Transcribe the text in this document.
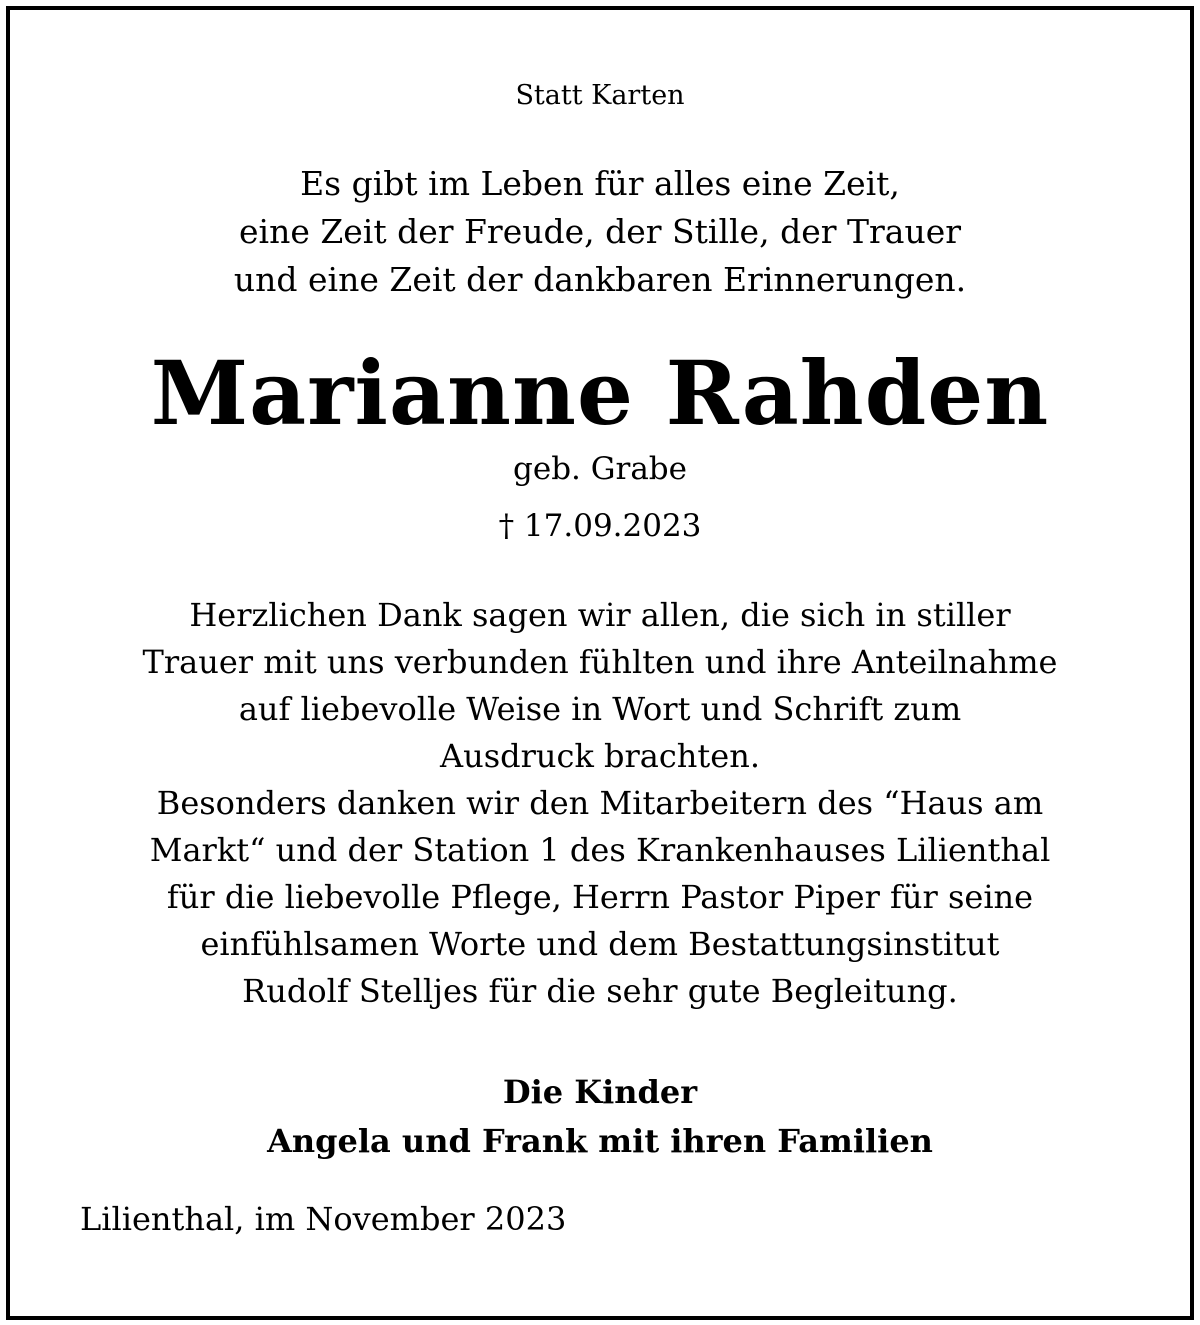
Statt Karten

Es gibt im Leben für alles eine Zeit,
eine Zeit der Freude, der Stille, der Trauer
und eine Zeit der dankbaren Erinnerungen.
Marianne Rahden

geb. Grabe

† 17.09.2023

Herzlichen Dank sagen wir allen, die sich in stiller
Trauer mit uns verbunden fühlten und ihre Anteilnahme
auf liebevolle Weise in Wort und Schrift zum
Ausdruck brachten.
Besonders danken wir den Mitarbeitern des “Haus am
Markt“ und der Station 1 des Krankenhauses Lilienthal
für die liebevolle Pflege, Herrn Pastor Piper für seine
einfühlsamen Worte und dem Bestattungsinstitut
Rudolf Stelljes für die sehr gute Begleitung.
Die Kinder
Angela und Frank mit ihren Familien

Lilienthal, im November 2023
